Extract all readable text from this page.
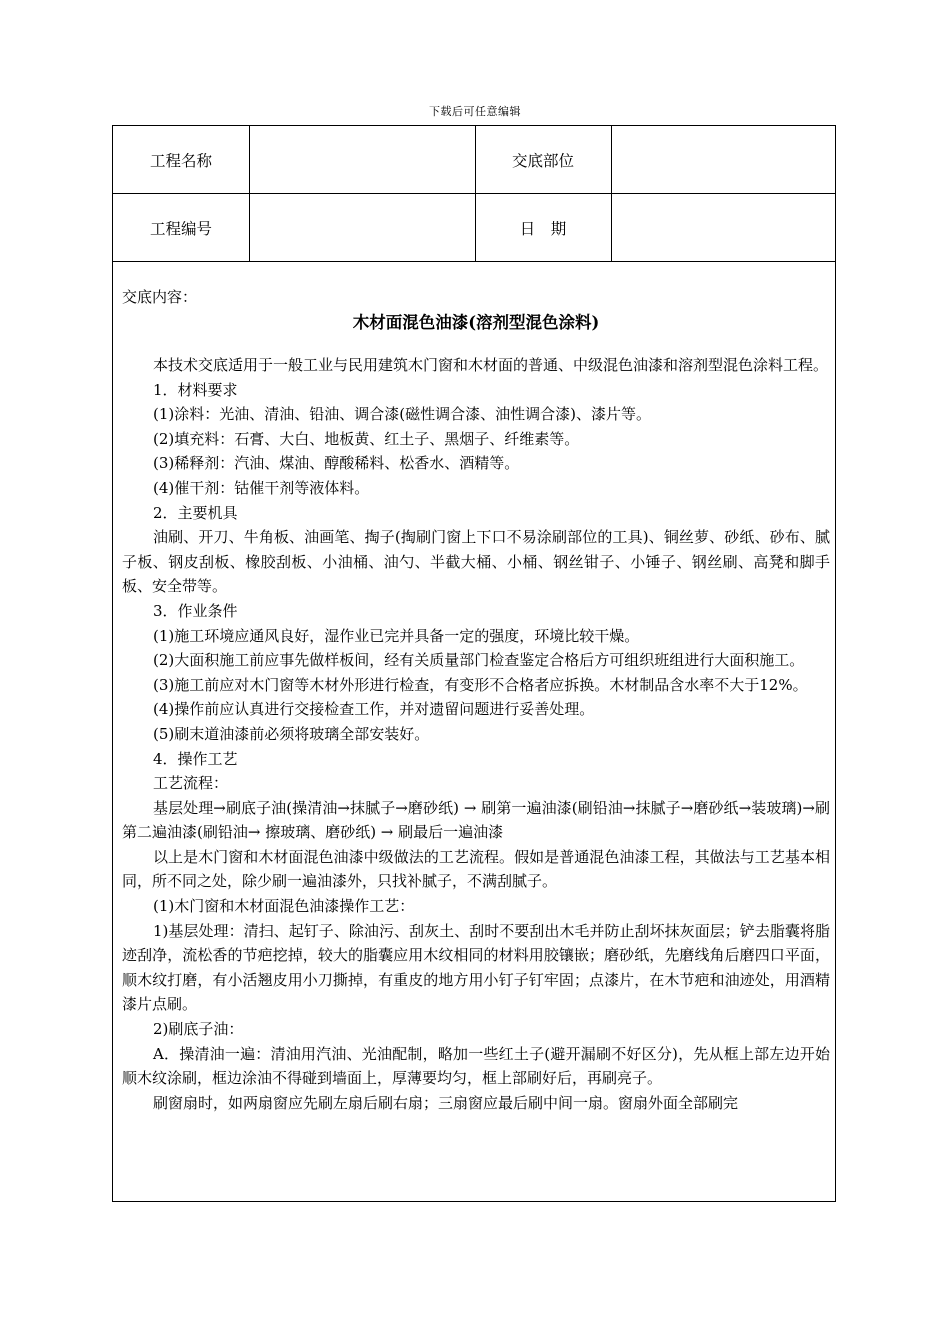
下载后可任意编辑
工程名称	交底部位
工程编号	日　期

交底内容：

木材面混色油漆(溶剂型混色涂料)

本技术交底适用于一般工业与民用建筑木门窗和木材面的普通、中级混色油漆和溶剂型混色涂料工程。

1．材料要求

(1)涂料：光油、清油、铅油、调合漆(磁性调合漆、油性调合漆)、漆片等。

(2)填充料：石膏、大白、地板黄、红土子、黑烟子、纤维素等。

(3)稀释剂：汽油、煤油、醇酸稀料、松香水、酒精等。

(4)催干剂：钴催干剂等液体料。

2．主要机具

油刷、开刀、牛角板、油画笔、掏子(掏刷门窗上下口不易涂刷部位的工具)、铜丝萝、砂纸、砂布、腻子板、钢皮刮板、橡胶刮板、小油桶、油勺、半截大桶、小桶、钢丝钳子、小锤子、钢丝刷、高凳和脚手板、安全带等。

3．作业条件

(1)施工环境应通风良好，湿作业已完并具备一定的强度，环境比较干燥。

(2)大面积施工前应事先做样板间，经有关质量部门检查鉴定合格后方可组织班组进行大面积施工。

(3)施工前应对木门窗等木材外形进行检查，有变形不合格者应拆换。木材制品含水率不大于12%。

(4)操作前应认真进行交接检查工作，并对遗留问题进行妥善处理。

(5)刷末道油漆前必须将玻璃全部安装好。

4．操作工艺

工艺流程：

基层处理→刷底子油(操清油→抹腻子→磨砂纸) → 刷第一遍油漆(刷铅油→抹腻子→磨砂纸→装玻璃)→刷第二遍油漆(刷铅油→ 擦玻璃、磨砂纸) → 刷最后一遍油漆

以上是木门窗和木材面混色油漆中级做法的工艺流程。假如是普通混色油漆工程，其做法与工艺基本相同，所不同之处，除少刷一遍油漆外，只找补腻子，不满刮腻子。

(1)木门窗和木材面混色油漆操作工艺：

1)基层处理：清扫、起钉子、除油污、刮灰土、刮时不要刮出木毛并防止刮坏抹灰面层；铲去脂囊将脂迹刮净，流松香的节疤挖掉，较大的脂囊应用木纹相同的材料用胶镶嵌；磨砂纸，先磨线角后磨四口平面，顺木纹打磨，有小活翘皮用小刀撕掉，有重皮的地方用小钉子钉牢固；点漆片，在木节疤和油迹处，用酒精漆片点刷。

2)刷底子油：

A．操清油一遍：清油用汽油、光油配制，略加一些红土子(避开漏刷不好区分)，先从框上部左边开始顺木纹涂刷，框边涂油不得碰到墙面上，厚薄要均匀，框上部刷好后，再刷亮子。

刷窗扇时，如两扇窗应先刷左扇后刷右扇；三扇窗应最后刷中间一扇。窗扇外面全部刷完
